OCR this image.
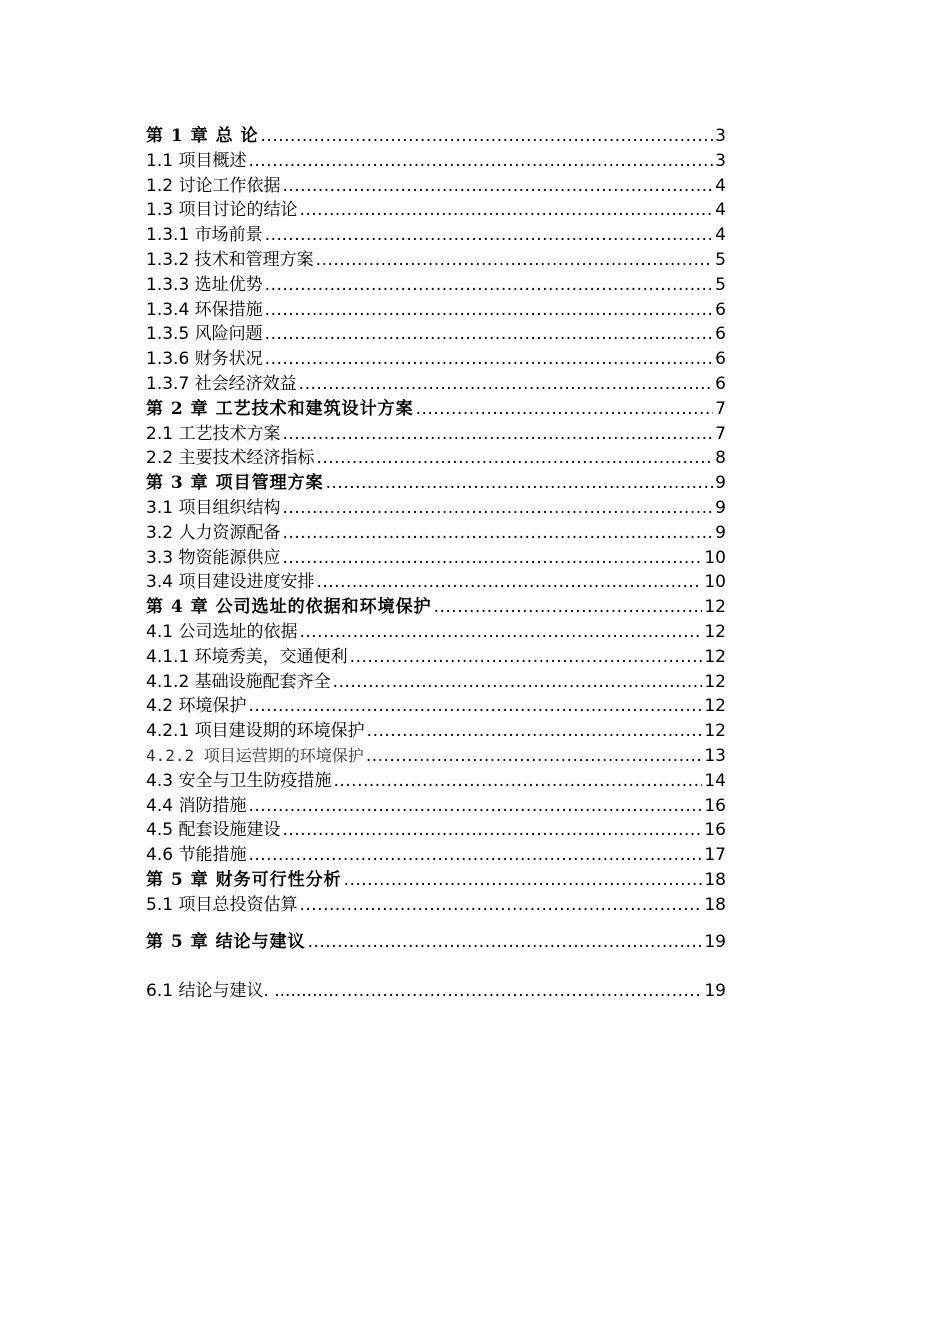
第 1 章 总 论 .....	3
1.1 项目概述 .....	3
1.2 讨论工作依据 .....	4
1.3 项目讨论的结论 .....	4
1.3.1 市场前景 .....	4
1.3.2 技术和管理方案 .....	5
1.3.3 选址优势 .....	5
1.3.4 环保措施 .....	6
1.3.5 风险问题 .....	6
1.3.6 财务状况 .....	6
1.3.7 社会经济效益 .....	6
第 2 章 工艺技术和建筑设计方案 .....	7
2.1 工艺技术方案 .....	7
2.2 主要技术经济指标 .....	8
第 3 章 项目管理方案 .....	9
3.1 项目组织结构 .....	9
3.2 人力资源配备 .....	9
3.3 物资能源供应 .....	10
3.4 项目建设进度安排 .....	10
第 4 章 公司选址的依据和环境保护 .....	12
4.1 公司选址的依据 .....	12
4.1.1 环境秀美，交通便利 .....	12
4.1.2 基础设施配套齐全 .....	12
4.2 环境保护 .....	12
4.2.1 项目建设期的环境保护 .....	12
4.2.2 项目运营期的环境保护 .....	13
4.3 安全与卫生防疫措施 .....	14
4.4 消防措施 .....	16
4.5 配套设施建设 .....	16
4.6 节能措施 .....	17
第 5 章 财务可行性分析 .....	18
5.1 项目总投资估算 .....	18
第 5 章 结论与建议 .....	19
6.1 结论与建议. ............ .....	19
